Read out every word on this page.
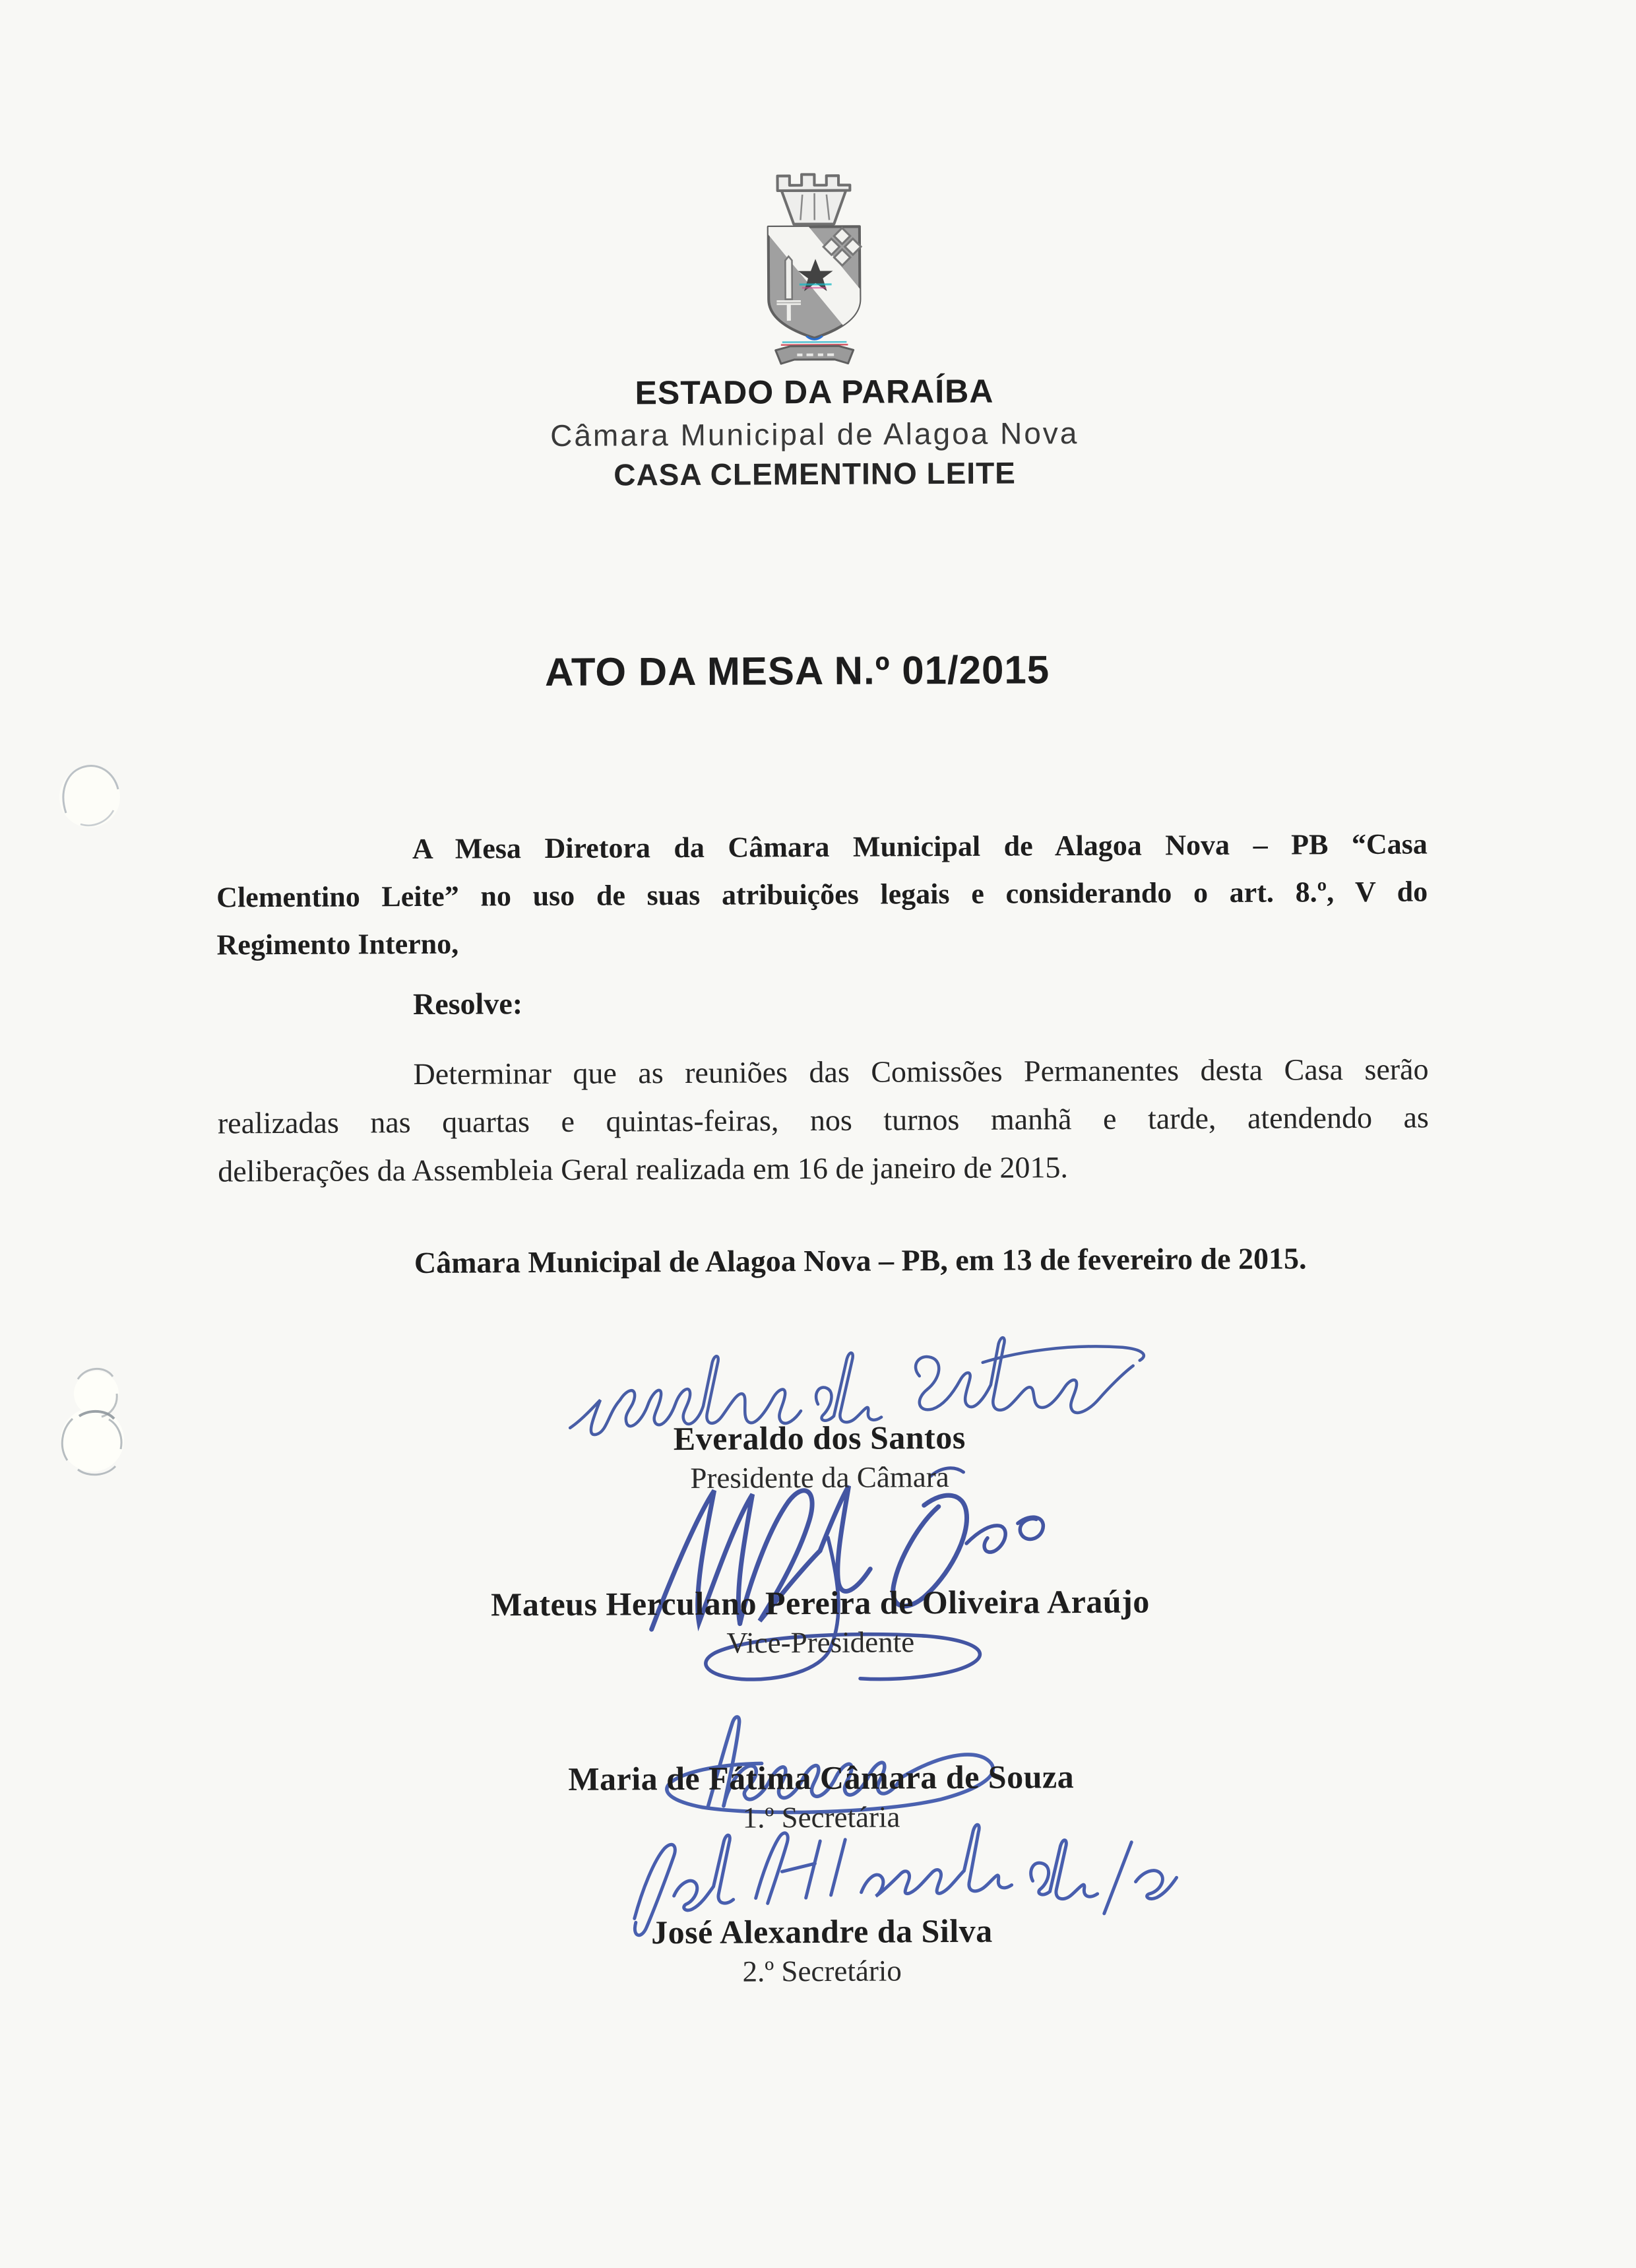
ESTADO DA PARAÍBA
Câmara Municipal de Alagoa Nova
CASA CLEMENTINO LEITE
ATO DA MESA N.º 01/2015
A Mesa Diretora da Câmara Municipal de Alagoa Nova – PB “Casa
Clementino Leite” no uso de suas atribuições legais e considerando o art. 8.º, V do
Regimento Interno,

Resolve:

Determinar que as reuniões das Comissões Permanentes desta Casa serão
realizadas nas quartas e quintas-feiras, nos turnos manhã e tarde, atendendo as
deliberações da Assembleia Geral realizada em 16 de janeiro de 2015.

Câmara Municipal de Alagoa Nova – PB, em 13 de fevereiro de 2015.

Everaldo dos Santos
Presidente da Câmara
Mateus Herculano Pereira de Oliveira Araújo
Vice-Presidente
Maria de Fátima Câmara de Souza
1.º Secretária
José Alexandre da Silva
2.º Secretário
